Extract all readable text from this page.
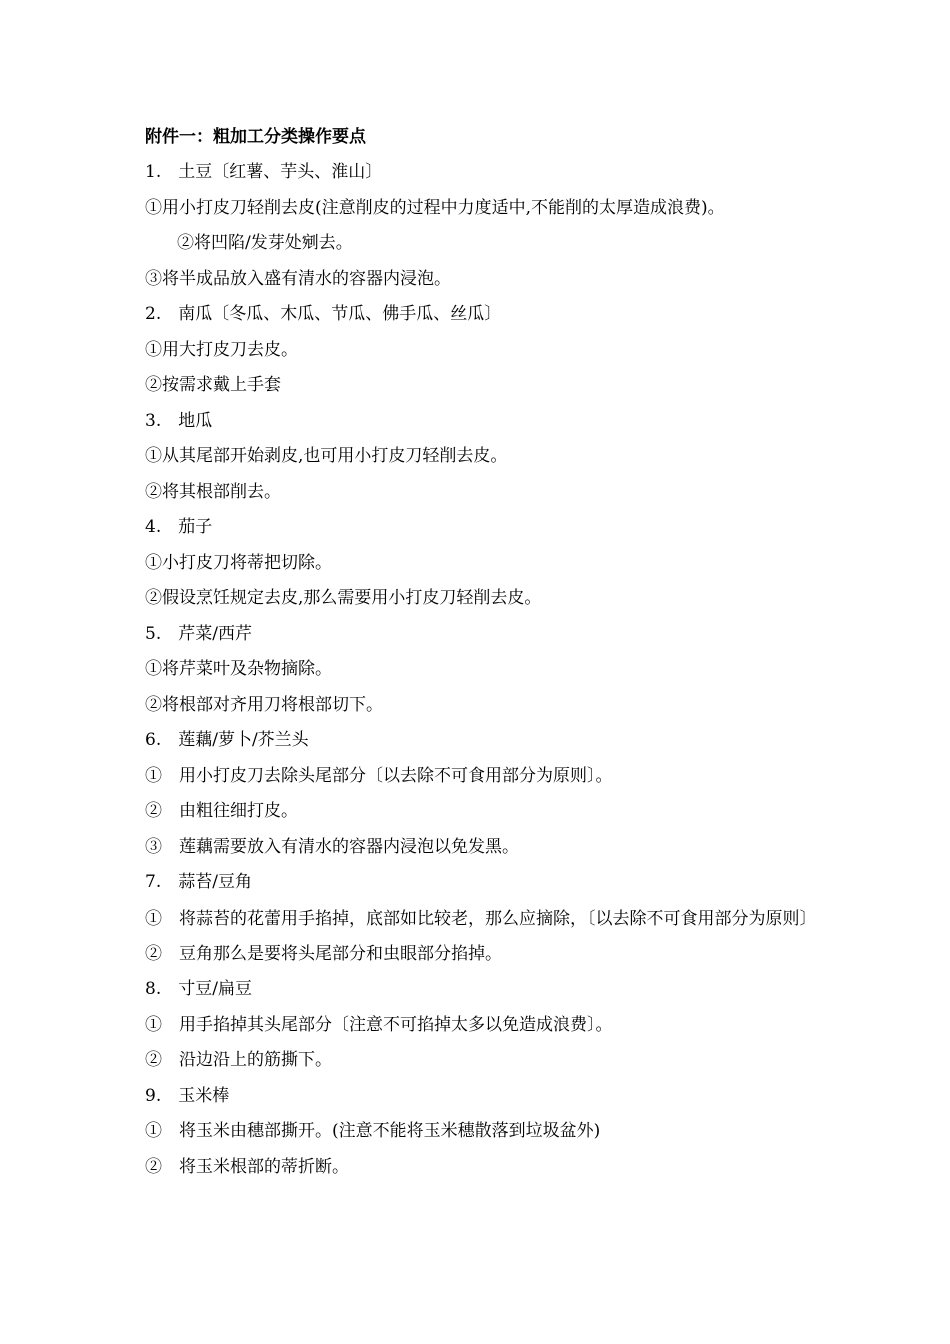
附件一：粗加工分类操作要点
1.　土豆〔红薯、芋头、淮山〕
①用小打皮刀轻削去皮(注意削皮的过程中力度适中,不能削的太厚造成浪费)。
②将凹陷/发芽处剜去。
③将半成品放入盛有清水的容器内浸泡。
2.　南瓜〔冬瓜、木瓜、节瓜、佛手瓜、丝瓜〕
①用大打皮刀去皮。
②按需求戴上手套
3.　地瓜
①从其尾部开始剥皮,也可用小打皮刀轻削去皮。
②将其根部削去。
4.　茄子
①小打皮刀将蒂把切除。
②假设烹饪规定去皮,那么需要用小打皮刀轻削去皮。
5.　芹菜/西芹
①将芹菜叶及杂物摘除。
②将根部对齐用刀将根部切下。
6.　莲藕/萝卜/芥兰头
①　用小打皮刀去除头尾部分〔以去除不可食用部分为原则〕。
②　由粗往细打皮。
③　莲藕需要放入有清水的容器内浸泡以免发黑。
7.　蒜苔/豆角
①　将蒜苔的花蕾用手掐掉，底部如比较老，那么应摘除，〔以去除不可食用部分为原则〕
②　豆角那么是要将头尾部分和虫眼部分掐掉。
8.　寸豆/扁豆
①　用手掐掉其头尾部分〔注意不可掐掉太多以免造成浪费〕。
②　沿边沿上的筋撕下。
9.　玉米棒
①　将玉米由穗部撕开。(注意不能将玉米穗散落到垃圾盆外)
②　将玉米根部的蒂折断。
